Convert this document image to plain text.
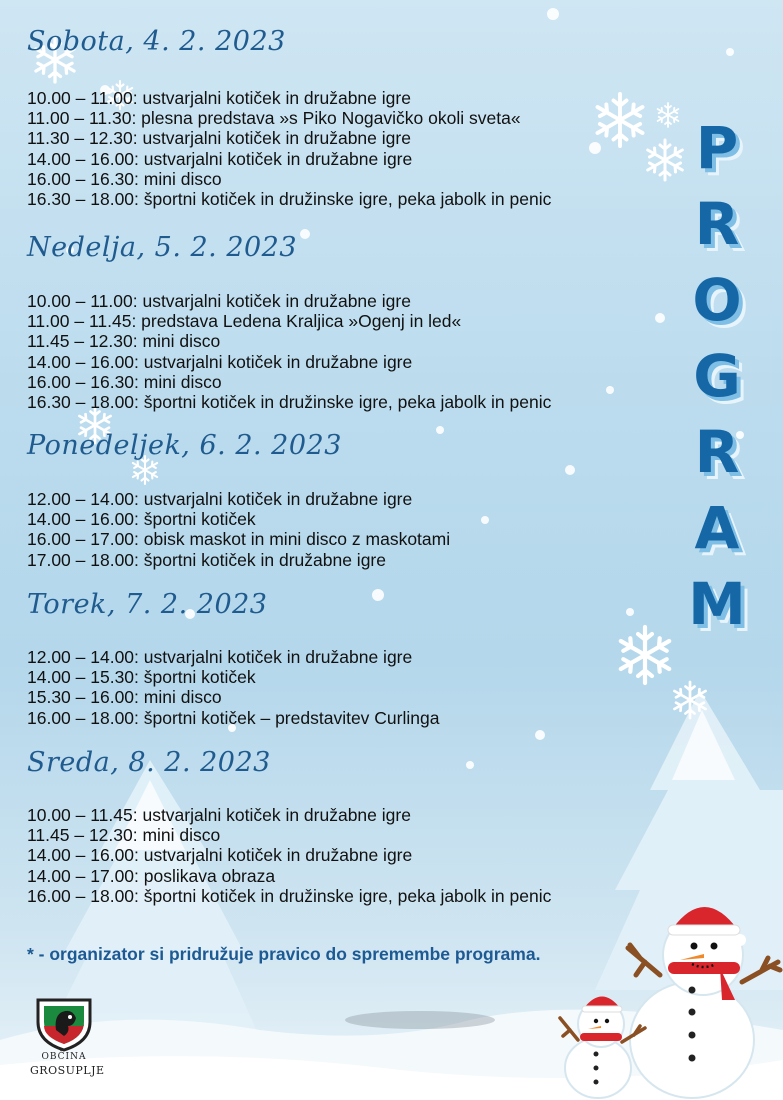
Sobota, 4. 2. 2023
10.00 – 11.00: ustvarjalni kotiček in družabne igre
11.00 – 11.30: plesna predstava »s Piko Nogavičko okoli sveta«
11.30 – 12.30: ustvarjalni kotiček in družabne igre
14.00 – 16.00: ustvarjalni kotiček in družabne igre
16.00 – 16.30: mini disco
16.30 – 18.00: športni kotiček in družinske igre, peka jabolk in penic
Nedelja, 5. 2. 2023
10.00 – 11.00: ustvarjalni kotiček in družabne igre
11.00 – 11.45: predstava Ledena Kraljica »Ogenj in led«
11.45 – 12.30: mini disco
14.00 – 16.00: ustvarjalni kotiček in družabne igre
16.00 – 16.30: mini disco
16.30 – 18.00: športni kotiček in družinske igre, peka jabolk in penic
Ponedeljek, 6. 2. 2023
12.00 – 14.00: ustvarjalni kotiček in družabne igre
14.00 – 16.00: športni kotiček
16.00 – 17.00: obisk maskot in mini disco z maskotami
17.00 – 18.00: športni kotiček in družabne igre
Torek, 7. 2. 2023
12.00 – 14.00: ustvarjalni kotiček in družabne igre
14.00 – 15.30: športni kotiček
15.30 – 16.00: mini disco
16.00 – 18.00: športni kotiček – predstavitev Curlinga
Sreda, 8. 2. 2023
10.00 – 11.45: ustvarjalni kotiček in družabne igre
11.45 – 12.30: mini disco
14.00 – 16.00: ustvarjalni kotiček in družabne igre
14.00 – 17.00: poslikava obraza
16.00 – 18.00: športni kotiček in družinske igre, peka jabolk in penic
* - organizator si pridružuje pravico do spremembe programa.
P
R
O
G
R
A
M
OBČINA
GROSUPLJE
